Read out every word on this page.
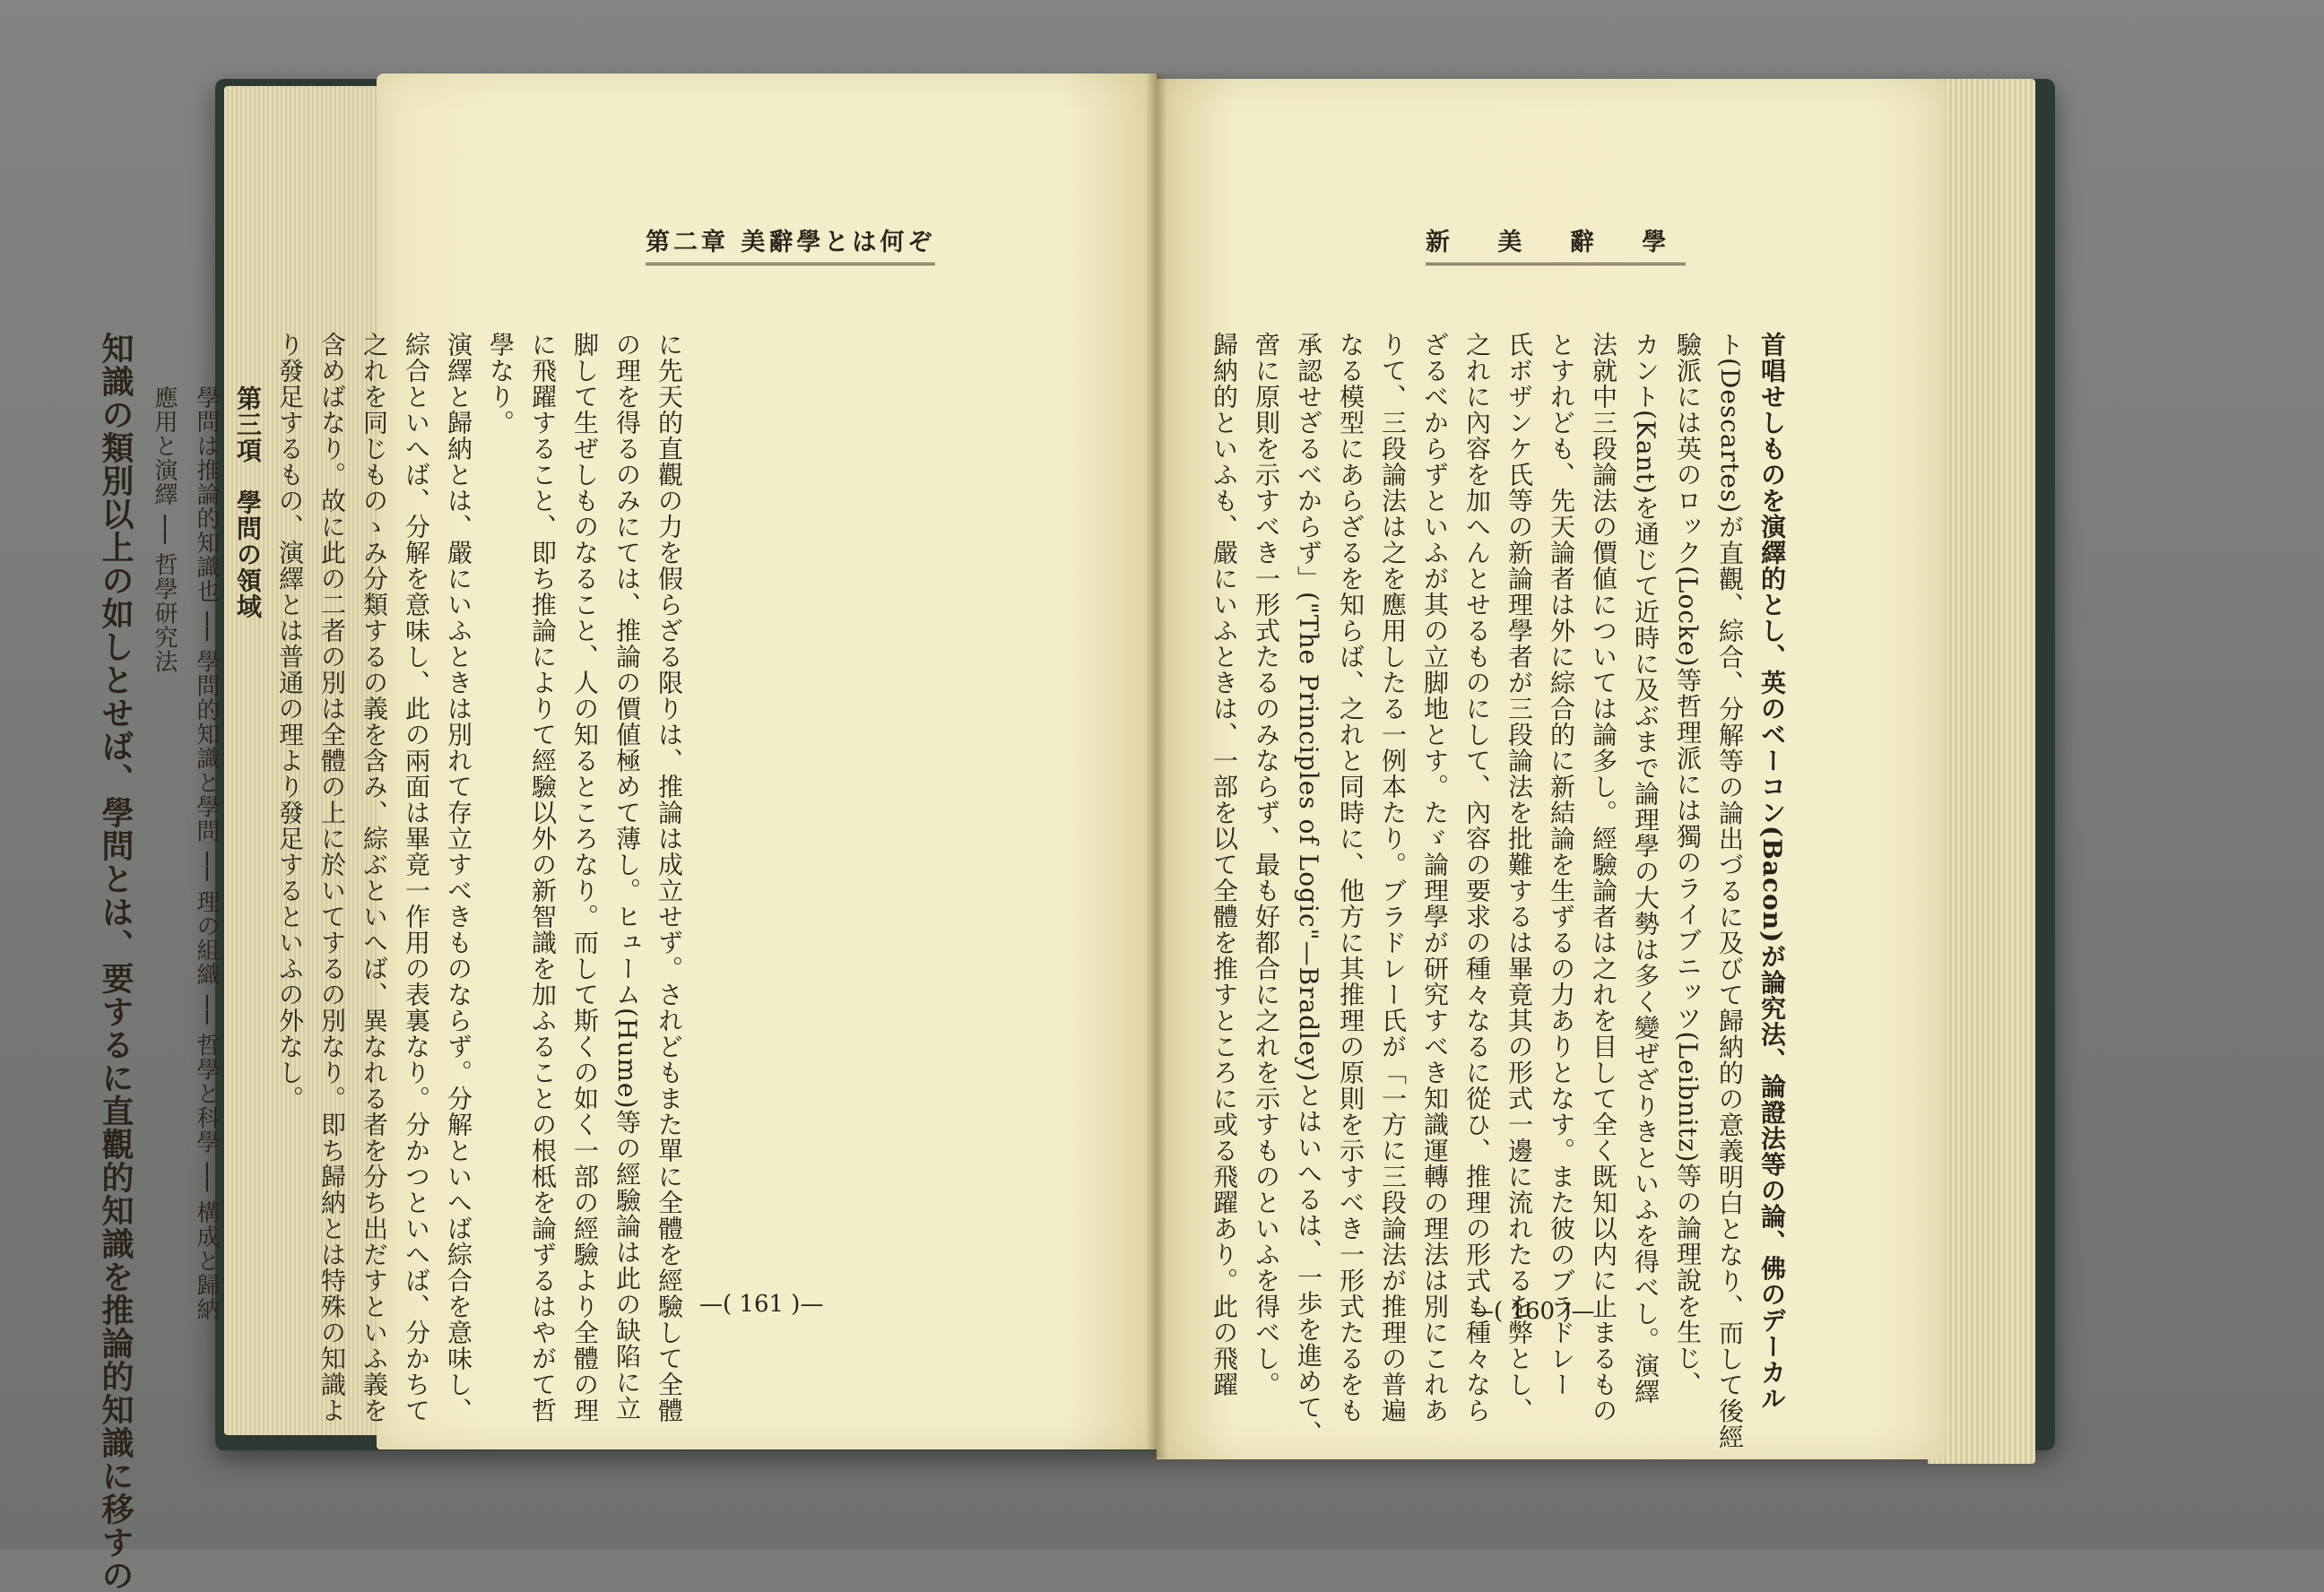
第二章 美辭學とは何ぞ	新 美 辭 學
に先天的直觀の力を假らざる限りは、推論は成立せず。されどもまた單に全體を經驗して全體
の理を得るのみにては、推論の價値極めて薄し。ヒューム(Hume)等の經驗論は此の缺陷に立
脚して生ぜしものなること、人の知るところなり。而して斯くの如く一部の經驗より全體の理
に飛躍すること、即ち推論によりて經驗以外の新智識を加ふることの根柢を論ずるはやがて哲
學なり。
演繹と歸納とは、嚴にいふときは別れて存立すべきものならず。分解といへば綜合を意味し、
綜合といへば、分解を意味し、此の兩面は畢竟一作用の表裏なり。分かつといへば、分かちて
之れを同じものゝみ分類するの義を含み、綜ぶといへば、異なれる者を分ち出だすといふ義を
含めばなり。故に此の二者の別は全體の上に於いてするの別なり。即ち歸納とは特殊の知識よ
り發足するもの、演繹とは普通の理より發足するといふの外なし。
第三項　學問の領域
學問は推論的知識也 ── 學問的知識と學問 ── 理の組織 ── 哲學と科學 ── 構成と歸納
應用と演繹 ── 哲學研究法
知識の類別以上の如しとせば、學問とは、要するに直觀的知識を推論的知識に移すの	首唱せしものを演繹的とし、英のベーコン(Bacon)が論究法、論證法等の論、佛のデーカル
ト(Descartes)が直觀、綜合、分解等の論出づるに及びて歸納的の意義明白となり、而して後經
驗派には英のロック(Locke)等哲理派には獨のライブニッツ(Leibnitz)等の論理說を生じ、
カント(Kant)を通じて近時に及ぶまで論理學の大勢は多く變ぜざりきといふを得べし。演繹
法就中三段論法の價値については論多し。經驗論者は之れを目して全く既知以内に止まるもの
とすれども、先天論者は外に綜合的に新結論を生ずるの力ありとなす。また彼のブラドレー
氏ボザンケ氏等の新論理學者が三段論法を批難するは畢竟其の形式一邊に流れたるを弊とし、
之れに內容を加へんとせるものにして、內容の要求の種々なるに從ひ、推理の形式も種々なら
ざるべからずといふが其の立脚地とす。たゞ論理學が研究すべき知識運轉の理法は別にこれあ
りて、三段論法は之を應用したる一例本たり。ブラドレー氏が「一方に三段論法が推理の普遍
なる模型にあらざるを知らば、之れと同時に、他方に其推理の原則を示すべき一形式たるをも
承認せざるべからず」("The Principles of Logic"—Bradley)とはいへるは、一歩を進めて、
啻に原則を示すべき一形式たるのみならず、最も好都合に之れを示すものといふを得べし。
歸納的といふも、嚴にいふときは、一部を以て全體を推すところに或る飛躍あり。此の飛躍
—( 161 )—	—( 160 )—
